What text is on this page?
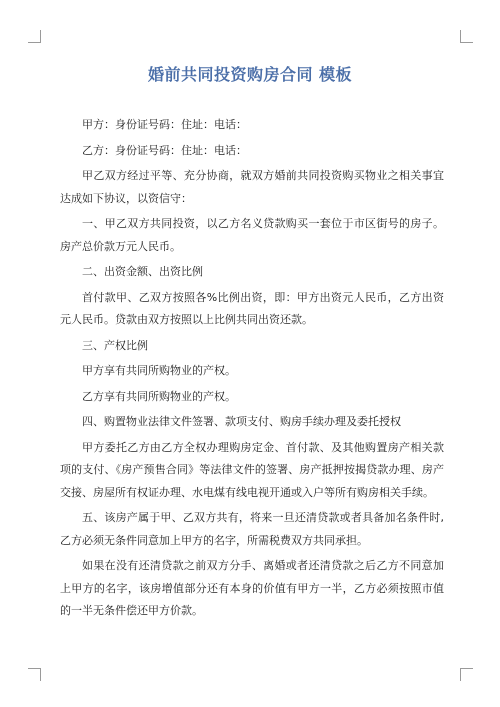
婚前共同投资购房合同 模板

甲方：身份证号码：住址：电话：

乙方：身份证号码：住址：电话：

甲乙双方经过平等、充分协商，就双方婚前共同投资购买物业之相关事宜达成如下协议，以资信守：

一、甲乙双方共同投资，以乙方名义贷款购买一套位于市区街号的房子。房产总价款万元人民币。

二、出资金额、出资比例

首付款甲、乙双方按照各%比例出资，即：甲方出资元人民币，乙方出资元人民币。贷款由双方按照以上比例共同出资还款。

三、产权比例

甲方享有共同所购物业的产权。

乙方享有共同所购物业的产权。

四、购置物业法律文件签署、款项支付、购房手续办理及委托授权

甲方委托乙方由乙方全权办理购房定金、首付款、及其他购置房产相关款项的支付、《房产预售合同》等法律文件的签署、房产抵押按揭贷款办理、房产交接、房屋所有权证办理、水电煤有线电视开通或入户等所有购房相关手续。

五、该房产属于甲、乙双方共有，将来一旦还清贷款或者具备加名条件时,乙方必须无条件同意加上甲方的名字，所需税费双方共同承担。

如果在没有还清贷款之前双方分手、离婚或者还清贷款之后乙方不同意加上甲方的名字，该房增值部分还有本身的价值有甲方一半，乙方必须按照市值的一半无条件偿还甲方价款。
